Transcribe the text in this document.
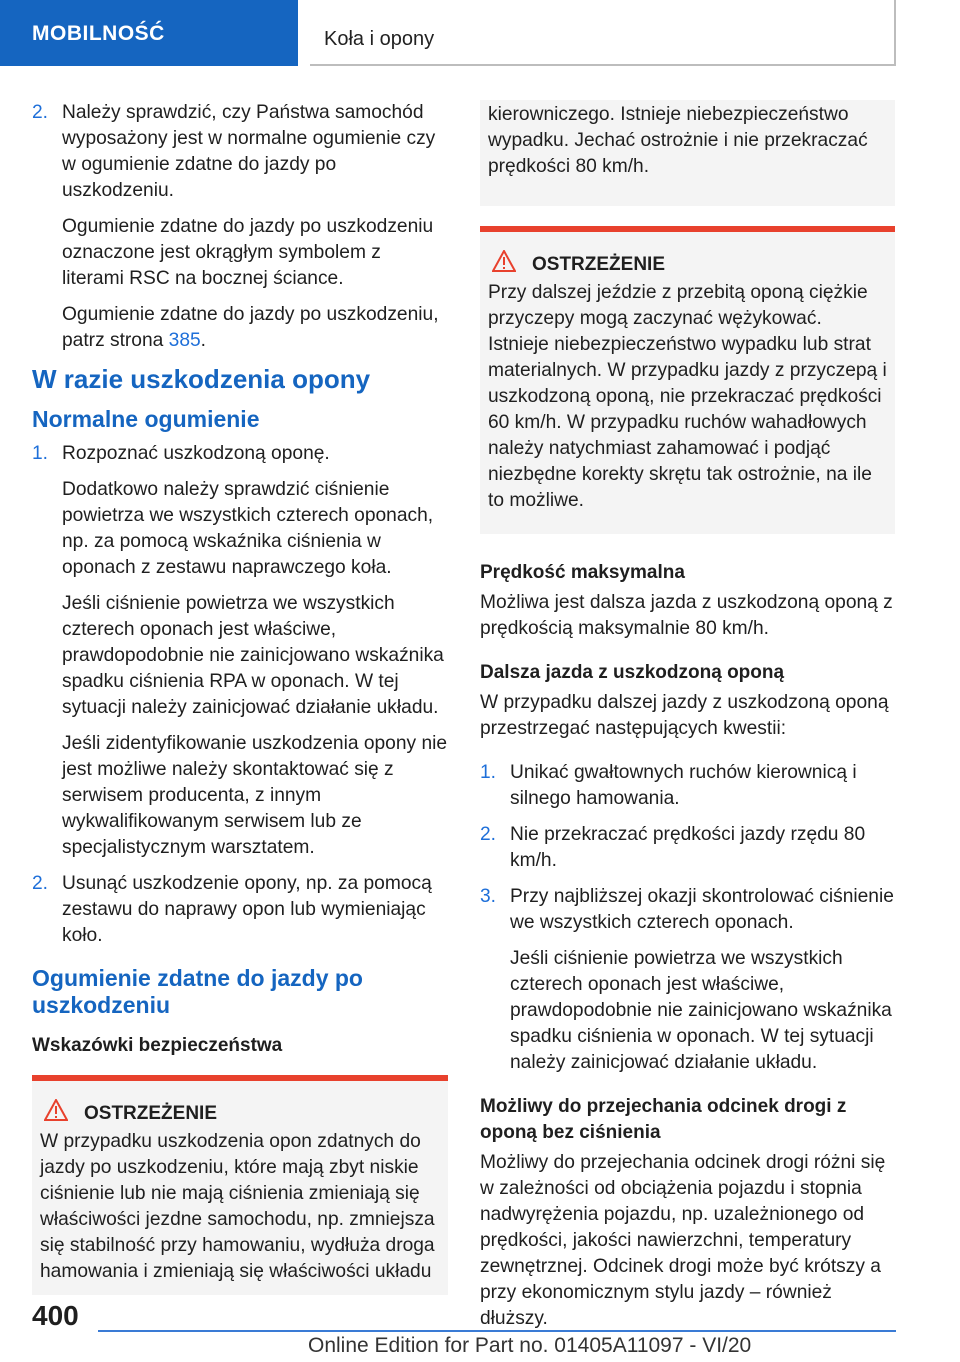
MOBILNOŚĆ	Koła i opony
2. Należy sprawdzić, czy Państwa samochód wyposażony jest w normalne ogumienie czy w ogumienie zdatne do jazdy po uszkodzeniu.

Ogumienie zdatne do jazdy po uszkodzeniu oznaczone jest okrągłym symbolem z literami RSC na bocznej ściance.

Ogumienie zdatne do jazdy po uszkodzeniu, patrz strona 385.

W razie uszkodzenia opony
Normalne ogumienie
1. Rozpoznać uszkodzoną oponę.

Dodatkowo należy sprawdzić ciśnienie powietrza we wszystkich czterech oponach, np. za pomocą wskaźnika ciśnienia w oponach z zestawu naprawczego koła.

Jeśli ciśnienie powietrza we wszystkich czterech oponach jest właściwe, prawdopodobnie nie zainicjowano wskaźnika spadku ciśnienia RPA w oponach. W tej sytuacji należy zainicjować działanie układu.

Jeśli zidentyfikowanie uszkodzenia opony nie jest możliwe należy skontaktować się z serwisem producenta, z innym wykwalifikowanym serwisem lub ze specjalistycznym warsztatem.

2. Usunąć uszkodzenie opony, np. za pomocą zestawu do naprawy opon lub wymieniając koło.

Ogumienie zdatne do jazdy po uszkodzeniu
Wskazówki bezpieczeństwa
OSTRZEŻENIE

W przypadku uszkodzenia opon zdatnych do jazdy po uszkodzeniu, które mają zbyt niskie ciśnienie lub nie mają ciśnienia zmieniają się właściwości jezdne samochodu, np. zmniejsza się stabilność przy hamowaniu, wydłuża droga hamowania i zmieniają się właściwości układu

kierowniczego. Istnieje niebezpieczeństwo wypadku. Jechać ostrożnie i nie przekraczać prędkości 80 km/h.

OSTRZEŻENIE

Przy dalszej jeździe z przebitą oponą ciężkie przyczepy mogą zaczynać wężykować. Istnieje niebezpieczeństwo wypadku lub strat materialnych. W przypadku jazdy z przyczepą i uszkodzoną oponą, nie przekraczać prędkości 60 km/h. W przypadku ruchów wahadłowych należy natychmiast zahamować i podjąć niezbędne korekty skrętu tak ostrożnie, na ile to możliwe.

Prędkość maksymalna

Możliwa jest dalsza jazda z uszkodzoną oponą z prędkością maksymalnie 80 km/h.

Dalsza jazda z uszkodzoną oponą

W przypadku dalszej jazdy z uszkodzoną oponą przestrzegać następujących kwestii:

1. Unikać gwałtownych ruchów kierownicą i silnego hamowania.

2. Nie przekraczać prędkości jazdy rzędu 80 km/h.

3. Przy najbliższej okazji skontrolować ciśnienie we wszystkich czterech oponach.

Jeśli ciśnienie powietrza we wszystkich czterech oponach jest właściwe, prawdopodobnie nie zainicjowano wskaźnika spadku ciśnienia w oponach. W tej sytuacji należy zainicjować działanie układu.

Możliwy do przejechania odcinek drogi z oponą bez ciśnienia

Możliwy do przejechania odcinek drogi różni się w zależności od obciążenia pojazdu i stopnia nadwyrężenia pojazdu, np. uzależnionego od prędkości, jakości nawierzchni, temperatury zewnętrznej. Odcinek drogi może być krótszy a przy ekonomicznym stylu jazdy – również dłuższy.

400
Online Edition for Part no. 01405A11097 - VI/20
